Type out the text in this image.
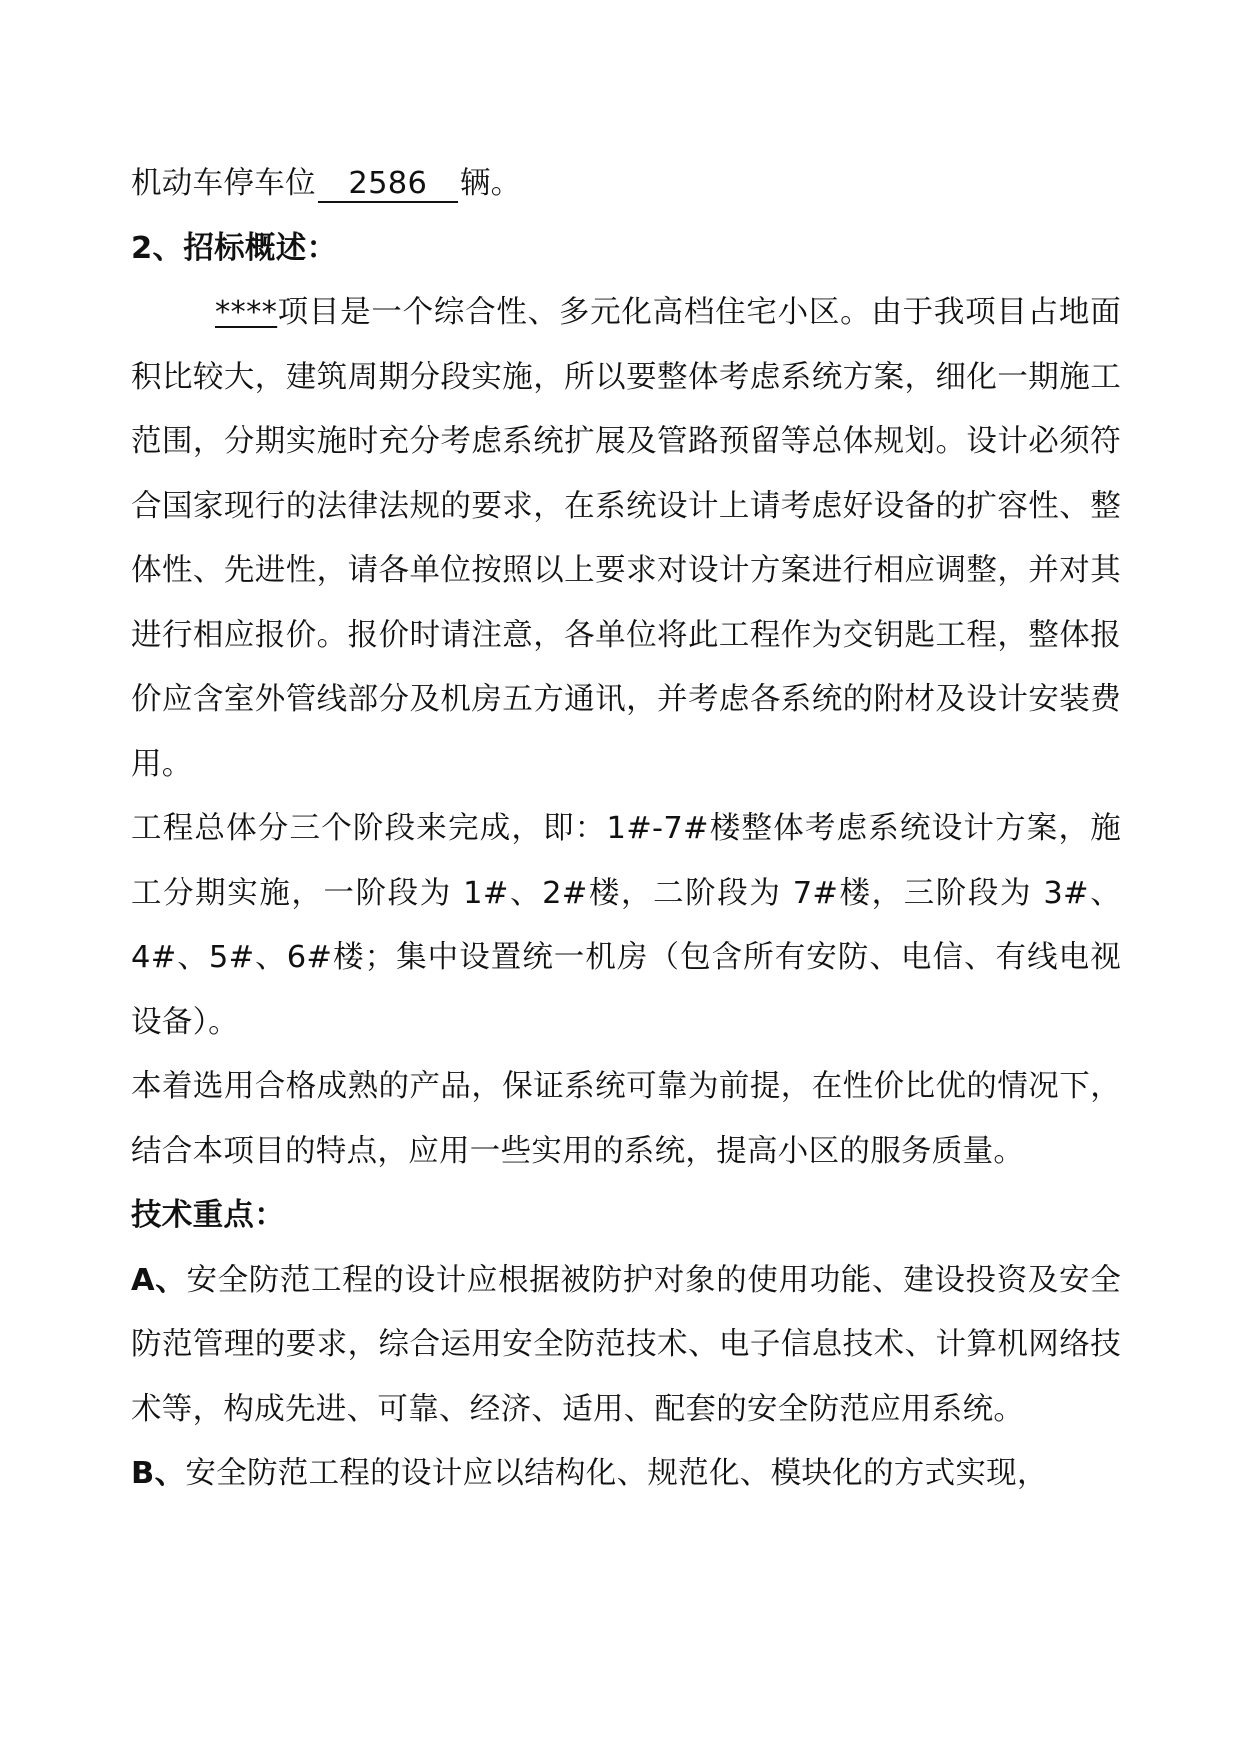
机动车停车位 2586 辆。

2、招标概述：

****项目是一个综合性、多元化高档住宅小区。由于我项目占地面积比较大，建筑周期分段实施，所以要整体考虑系统方案，细化一期施工范围，分期实施时充分考虑系统扩展及管路预留等总体规划。设计必须符合国家现行的法律法规的要求，在系统设计上请考虑好设备的扩容性、整体性、先进性，请各单位按照以上要求对设计方案进行相应调整，并对其进行相应报价。报价时请注意，各单位将此工程作为交钥匙工程，整体报价应含室外管线部分及机房五方通讯，并考虑各系统的附材及设计安装费用。

工程总体分三个阶段来完成，即：1#-7#楼整体考虑系统设计方案，施工分期实施，一阶段为 1#、2#楼，二阶段为 7#楼，三阶段为 3#、4#、5#、6#楼；集中设置统一机房（包含所有安防、电信、有线电视设备）。

本着选用合格成熟的产品，保证系统可靠为前提，在性价比优的情况下，结合本项目的特点，应用一些实用的系统，提高小区的服务质量。

技术重点：

A、安全防范工程的设计应根据被防护对象的使用功能、建设投资及安全防范管理的要求，综合运用安全防范技术、电子信息技术、计算机网络技术等，构成先进、可靠、经济、适用、配套的安全防范应用系统。

B、安全防范工程的设计应以结构化、规范化、模块化的方式实现，
